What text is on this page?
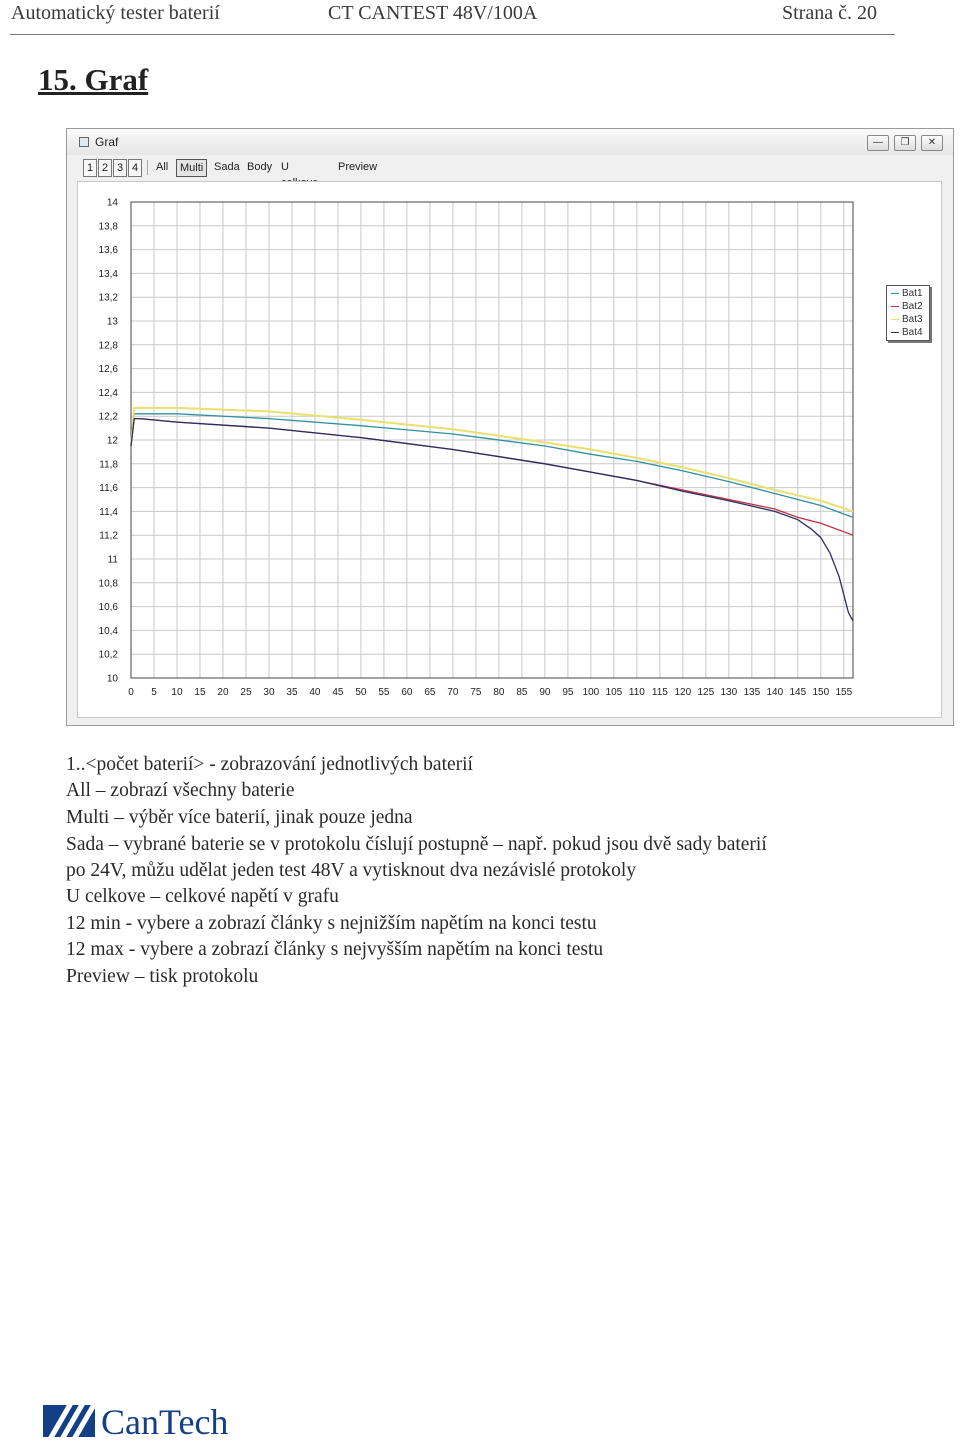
Automatický tester baterií	CT CANTEST 48V/100A	Strana č. 20
15. Graf
Graf	—	❐	✕
1 2 3 4	All	Multi Sada Body U	Preview
0 5 10 15 20 25 30 35 40 45 50 55 60 65 70 75 80 85 90 95 100 105 110 115 120 125 130 135 140 145 150 155
10
10,2
10,4
10,6
10,8
11
11,2
11,4
11,6
11,8
12
12,2
12,4
12,6
12,8
13
13,2
13,4
13,6
13,8
14
Bat1
Bat2
Bat3
Bat4
1..<počet baterií> - zobrazování jednotlivých baterií
All – zobrazí všechny baterie
Multi – výběr více baterií, jinak pouze jedna
Sada – vybrané baterie se v protokolu číslují postupně – např. pokud jsou dvě sady baterií
po 24V, můžu udělat jeden test 48V a vytisknout dva nezávislé protokoly
U celkove – celkové napětí v grafu
12 min - vybere a zobrazí články s nejnižším napětím na konci testu
12 max - vybere a zobrazí články s nejvyšším napětím na konci testu
Preview – tisk protokolu
CanTech
